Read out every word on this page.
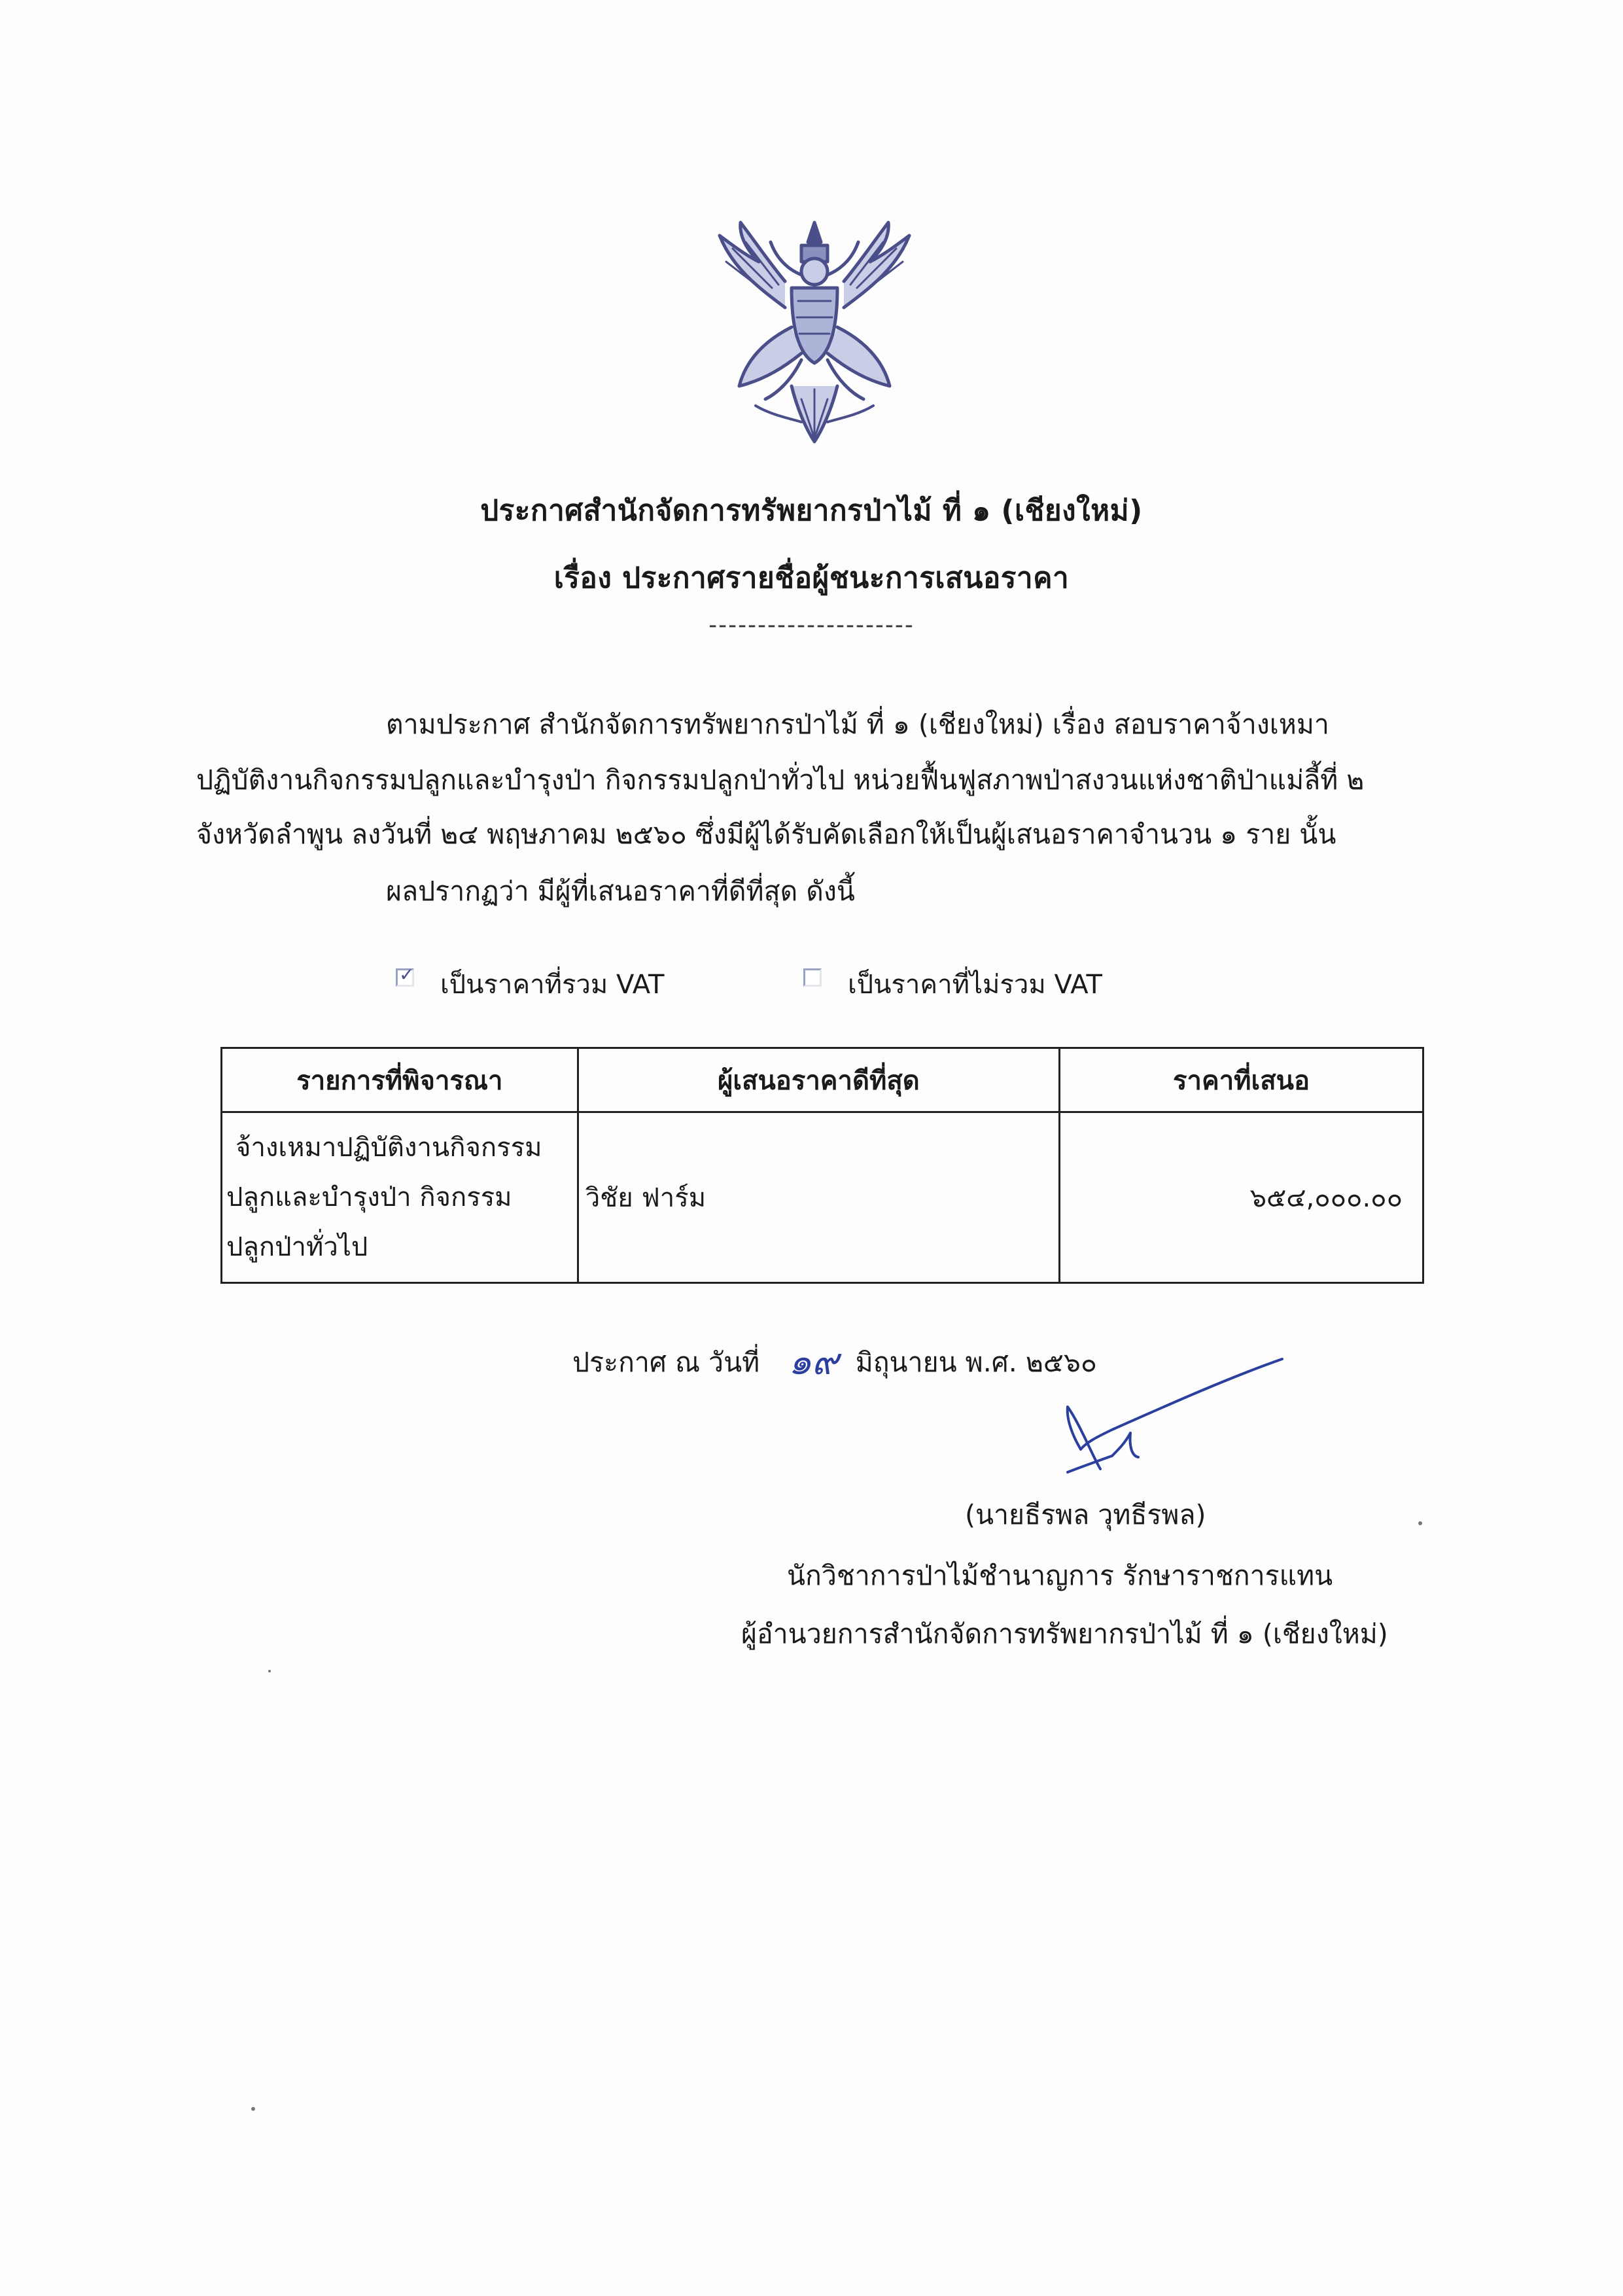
ประกาศสำนักจัดการทรัพยากรป่าไม้ ที่ ๑ (เชียงใหม่)
เรื่อง ประกาศรายชื่อผู้ชนะการเสนอราคา
---------------------
ตามประกาศ สำนักจัดการทรัพยากรป่าไม้ ที่ ๑ (เชียงใหม่) เรื่อง สอบราคาจ้างเหมา
ปฏิบัติงานกิจกรรมปลูกและบำรุงป่า กิจกรรมปลูกป่าทั่วไป หน่วยฟื้นฟูสภาพป่าสงวนแห่งชาติป่าแม่ลี้ที่ ๒
จังหวัดลำพูน ลงวันที่ ๒๔ พฤษภาคม ๒๕๖๐ ซึ่งมีผู้ได้รับคัดเลือกให้เป็นผู้เสนอราคาจำนวน ๑ ราย นั้น
ผลปรากฏว่า มีผู้ที่เสนอราคาที่ดีที่สุด ดังนี้
✓ เป็นราคาที่รวม VAT	เป็นราคาที่ไม่รวม VAT
รายการที่พิจารณา	ผู้เสนอราคาดีที่สุด	ราคาที่เสนอ

จ้างเหมาปฏิบัติงานกิจกรรม
ปลูกและบำรุงป่า กิจกรรม
ปลูกป่าทั่วไป	วิชัย ฟาร์ม	๖๕๔,๐๐๐.๐๐
ประกาศ ณ วันที่ ๑๙ มิถุนายน พ.ศ. ๒๕๖๐
(นายธีรพล วุทธีรพล)
นักวิชาการป่าไม้ชำนาญการ รักษาราชการแทน
ผู้อำนวยการสำนักจัดการทรัพยากรป่าไม้ ที่ ๑ (เชียงใหม่)
